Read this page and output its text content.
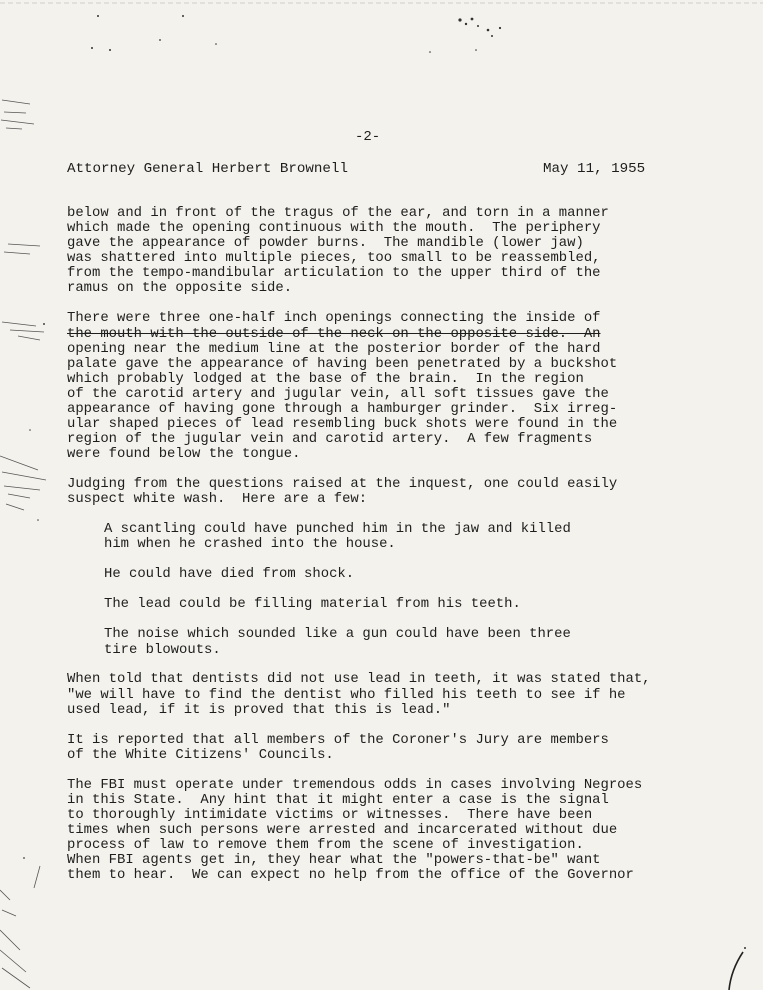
-2-
Attorney General Herbert Brownell	May 11, 1955
below and in front of the tragus of the ear, and torn in a manner
which made the opening continuous with the mouth.  The periphery
gave the appearance of powder burns.  The mandible (lower jaw)
was shattered into multiple pieces, too small to be reassembled,
from the tempo-mandibular articulation to the upper third of the
ramus on the opposite side.
There were three one-half inch openings connecting the inside of
the mouth with the outside of the neck on the opposite side.  An
opening near the medium line at the posterior border of the hard
palate gave the appearance of having been penetrated by a buckshot
which probably lodged at the base of the brain.  In the region
of the carotid artery and jugular vein, all soft tissues gave the
appearance of having gone through a hamburger grinder.  Six irreg-
ular shaped pieces of lead resembling buck shots were found in the
region of the jugular vein and carotid artery.  A few fragments
were found below the tongue.
Judging from the questions raised at the inquest, one could easily
suspect white wash.  Here are a few:
A scantling could have punched him in the jaw and killed
him when he crashed into the house.
He could have died from shock.
The lead could be filling material from his teeth.
The noise which sounded like a gun could have been three
tire blowouts.
When told that dentists did not use lead in teeth, it was stated that,
"we will have to find the dentist who filled his teeth to see if he
used lead, if it is proved that this is lead."
It is reported that all members of the Coroner's Jury are members
of the White Citizens' Councils.
The FBI must operate under tremendous odds in cases involving Negroes
in this State.  Any hint that it might enter a case is the signal
to thoroughly intimidate victims or witnesses.  There have been
times when such persons were arrested and incarcerated without due
process of law to remove them from the scene of investigation.
When FBI agents get in, they hear what the "powers-that-be" want
them to hear.  We can expect no help from the office of the Governor
